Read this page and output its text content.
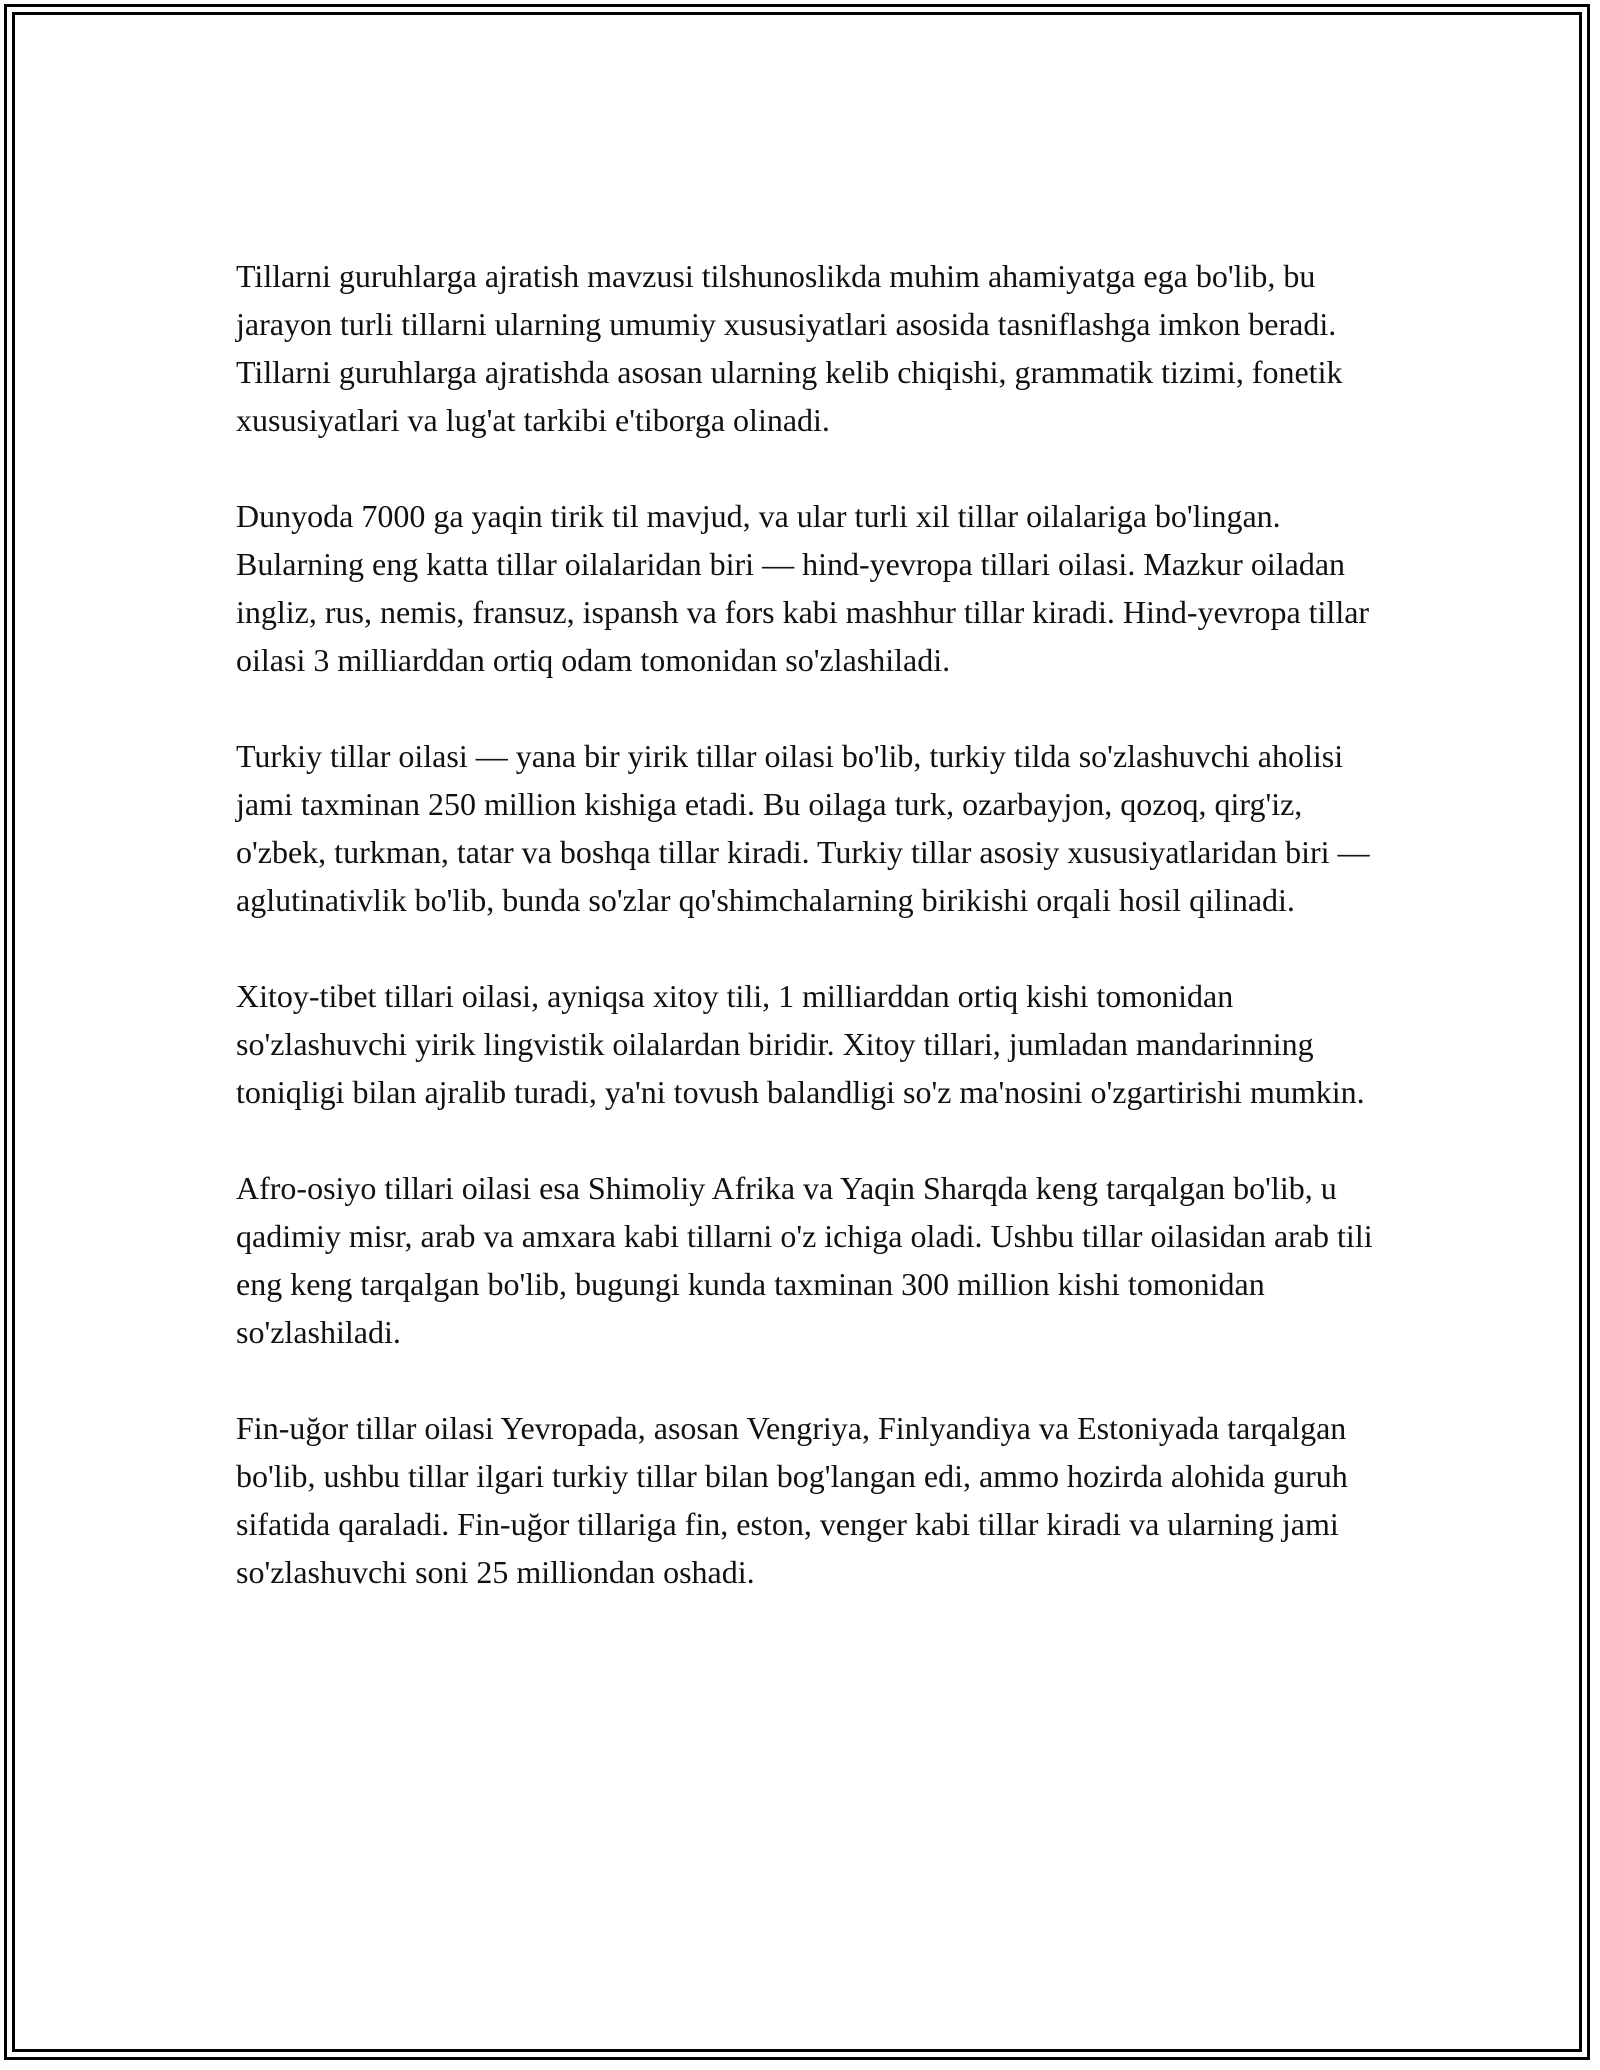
Tillarni guruhlarga ajratish mavzusi tilshunoslikda muhim ahamiyatga ega bo'lib, bu jarayon turli tillarni ularning umumiy xususiyatlari asosida tasniflashga imkon beradi. Tillarni guruhlarga ajratishda asosan ularning kelib chiqishi, grammatik tizimi, fonetik xususiyatlari va lug'at tarkibi e'tiborga olinadi.

Dunyoda 7000 ga yaqin tirik til mavjud, va ular turli xil tillar oilalariga bo'lingan. Bularning eng katta tillar oilalaridan biri — hind-yevropa tillari oilasi. Mazkur oiladan ingliz, rus, nemis, fransuz, ispansh va fors kabi mashhur tillar kiradi. Hind-yevropa tillar oilasi 3 milliarddan ortiq odam tomonidan so'zlashiladi.

Turkiy tillar oilasi — yana bir yirik tillar oilasi bo'lib, turkiy tilda so'zlashuvchi aholisi jami taxminan 250 million kishiga etadi. Bu oilaga turk, ozarbayjon, qozoq, qirg'iz, o'zbek, turkman, tatar va boshqa tillar kiradi. Turkiy tillar asosiy xususiyatlaridan biri — aglutinativlik bo'lib, bunda so'zlar qo'shimchalarning birikishi orqali hosil qilinadi.

Xitoy-tibet tillari oilasi, ayniqsa xitoy tili, 1 milliarddan ortiq kishi tomonidan so'zlashuvchi yirik lingvistik oilalardan biridir. Xitoy tillari, jumladan mandarinning toniqligi bilan ajralib turadi, ya'ni tovush balandligi so'z ma'nosini o'zgartirishi mumkin.

Afro-osiyo tillari oilasi esa Shimoliy Afrika va Yaqin Sharqda keng tarqalgan bo'lib, u qadimiy misr, arab va amxara kabi tillarni o'z ichiga oladi. Ushbu tillar oilasidan arab tili eng keng tarqalgan bo'lib, bugungi kunda taxminan 300 million kishi tomonidan so'zlashiladi.

Fin-uğor tillar oilasi Yevropada, asosan Vengriya, Finlyandiya va Estoniyada tarqalgan bo'lib, ushbu tillar ilgari turkiy tillar bilan bog'langan edi, ammo hozirda alohida guruh sifatida qaraladi. Fin-uğor tillariga fin, eston, venger kabi tillar kiradi va ularning jami so'zlashuvchi soni 25 milliondan oshadi.
